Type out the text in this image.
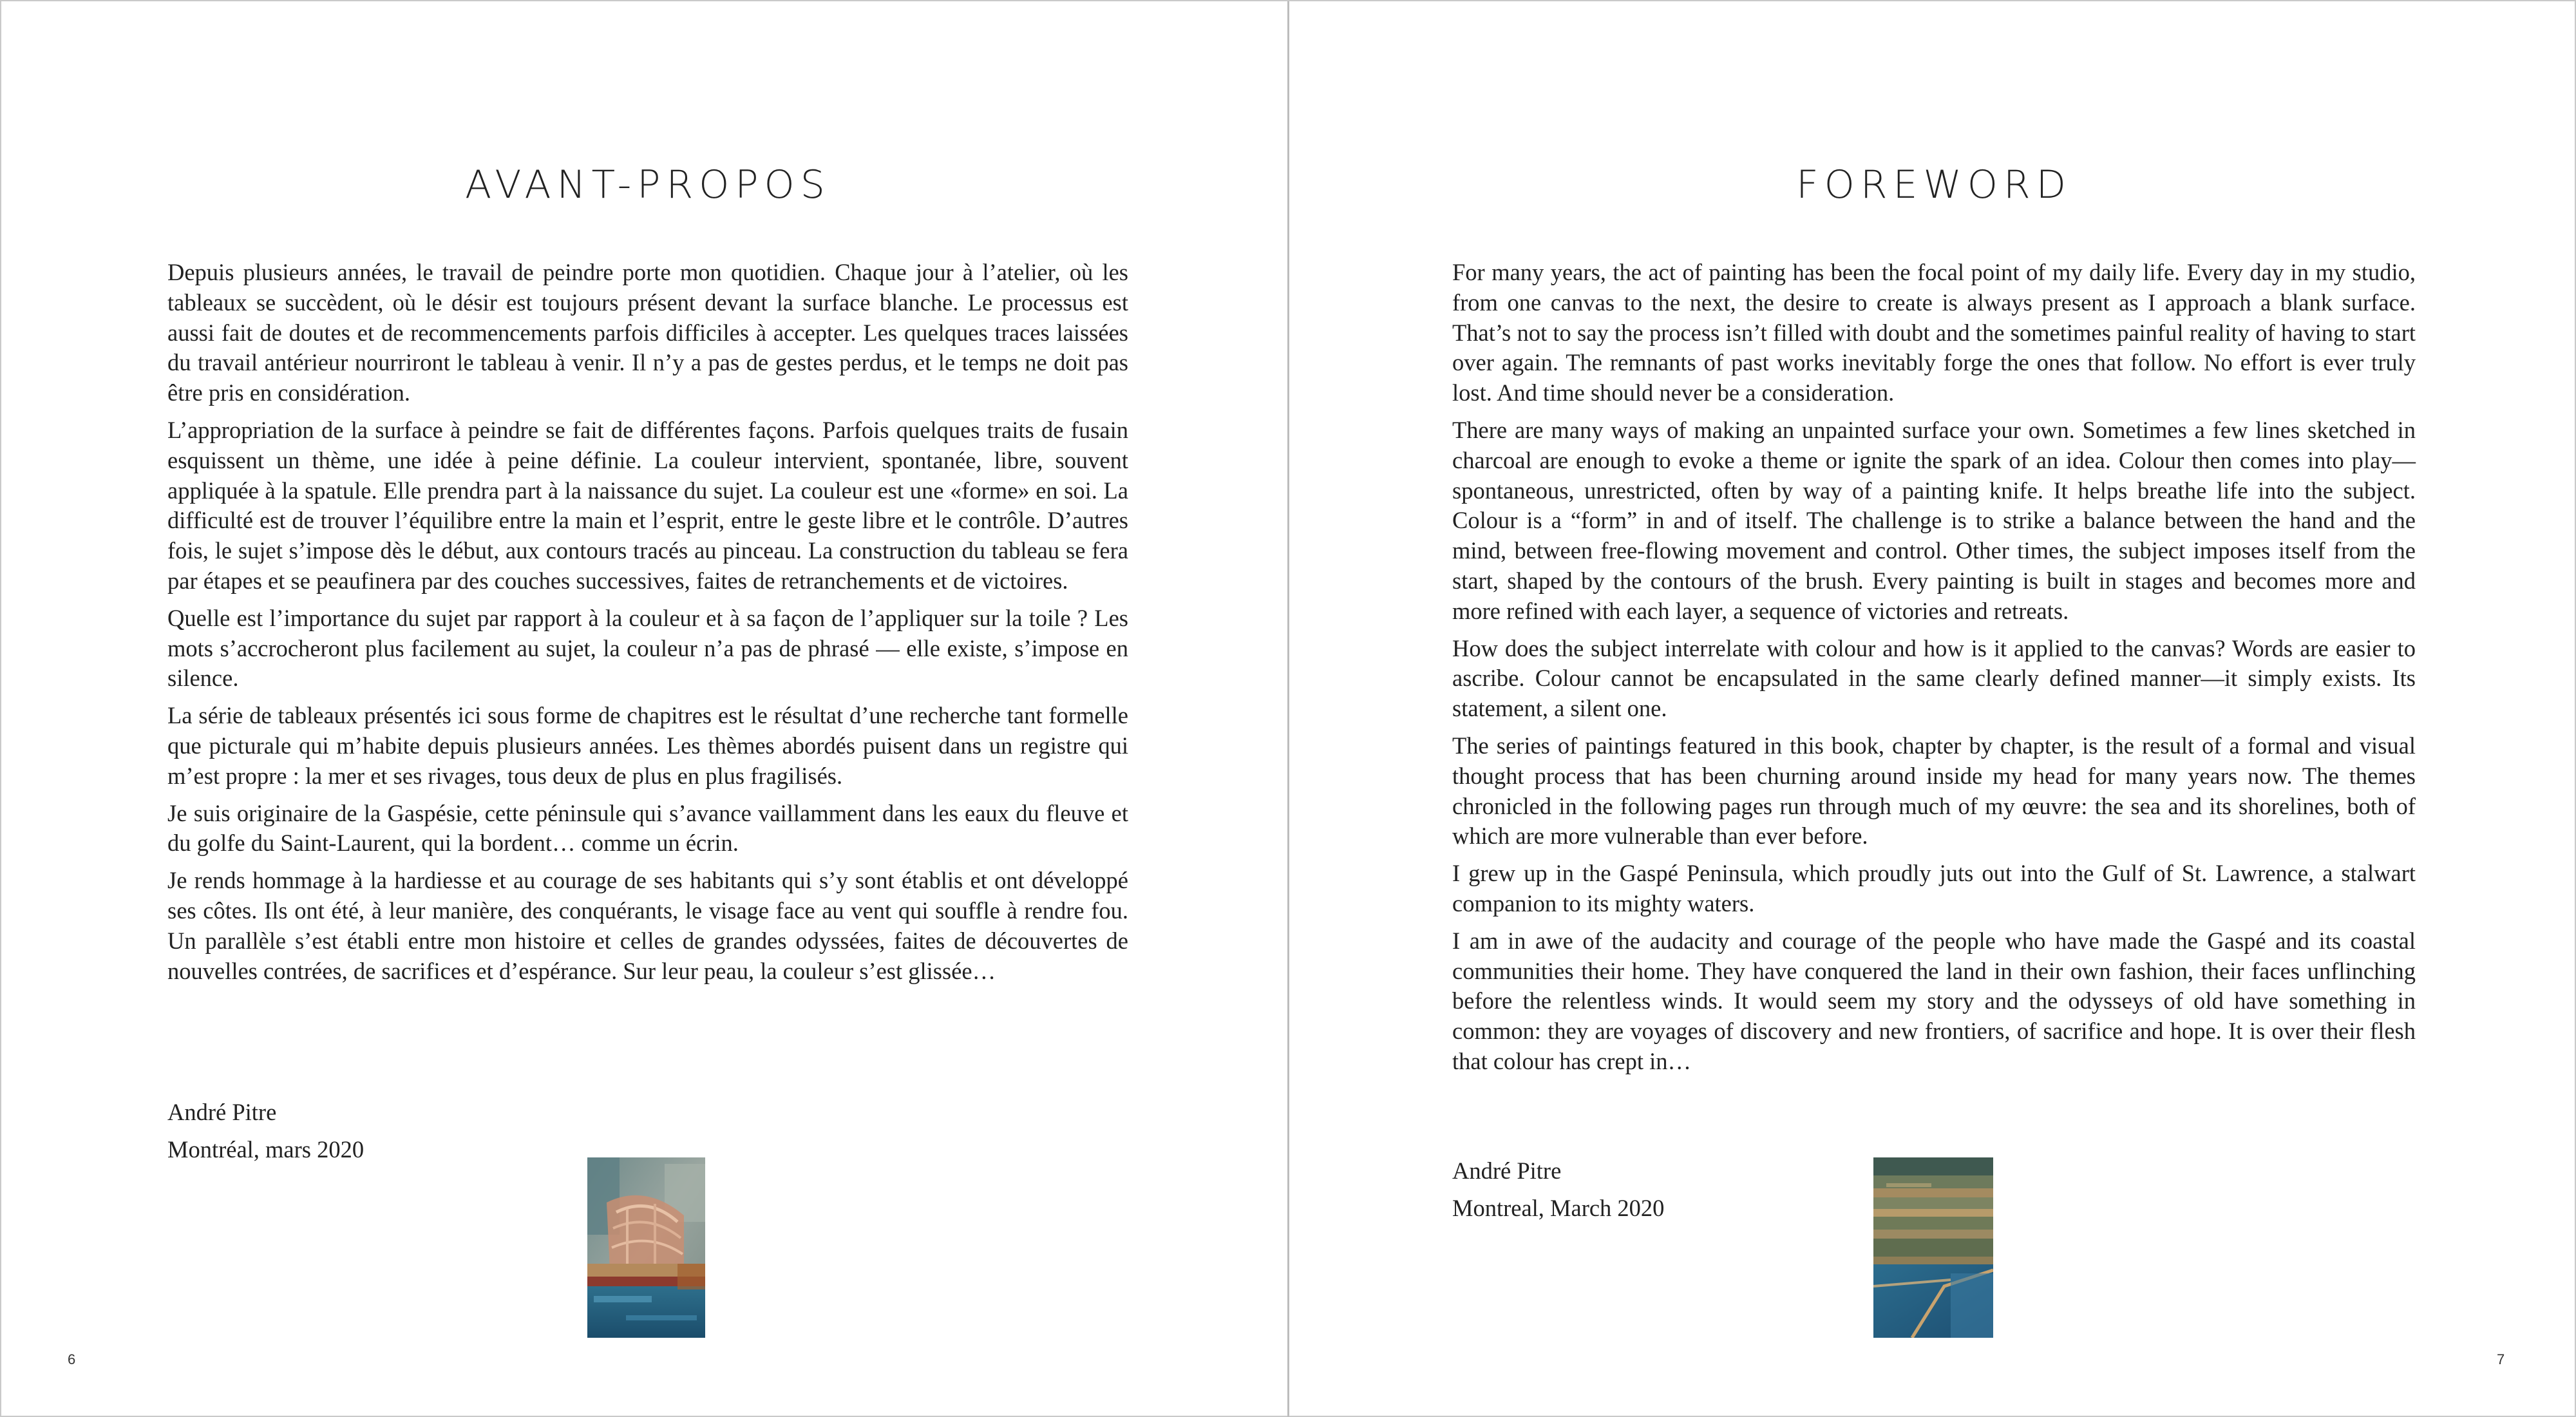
AVANT-PROPOS

Depuis plusieurs années, le travail de peindre porte mon quotidien. Chaque jour à l’atelier, où les tableaux se succèdent, où le désir est toujours présent devant la surface blanche. Le processus est aussi fait de doutes et de recommencements parfois difficiles à accepter. Les quelques traces laissées du travail antérieur nourriront le tableau à venir. Il n’y a pas de gestes perdus, et le temps ne doit pas être pris en considération.

L’appropriation de la surface à peindre se fait de différentes façons. Parfois quelques traits de fusain esquissent un thème, une idée à peine définie. La couleur intervient, spontanée, libre, souvent appliquée à la spatule. Elle prendra part à la naissance du sujet. La couleur est une «forme» en soi. La difficulté est de trouver l’équilibre entre la main et l’esprit, entre le geste libre et le contrôle. D’autres fois, le sujet s’impose dès le début, aux contours tracés au pinceau. La construction du tableau se fera par étapes et se peaufinera par des couches successives, faites de retranchements et de victoires.

Quelle est l’importance du sujet par rapport à la couleur et à sa façon de l’appliquer sur la toile ? Les mots s’accrocheront plus facilement au sujet, la couleur n’a pas de phrasé — elle existe, s’impose en silence.

La série de tableaux présentés ici sous forme de chapitres est le résultat d’une recherche tant formelle que picturale qui m’habite depuis plusieurs années. Les thèmes abordés puisent dans un registre qui m’est propre : la mer et ses rivages, tous deux de plus en plus fragilisés.

Je suis originaire de la Gaspésie, cette péninsule qui s’avance vaillamment dans les eaux du fleuve et du golfe du Saint-Laurent, qui la bordent… comme un écrin.

Je rends hommage à la hardiesse et au courage de ses habitants qui s’y sont établis et ont développé ses côtes. Ils ont été, à leur manière, des conquérants, le visage face au vent qui souffle à rendre fou. Un parallèle s’est établi entre mon histoire et celles de grandes odyssées, faites de découvertes de nouvelles contrées, de sacrifices et d’espérance. Sur leur peau, la couleur s’est glissée…

André Pitre
Montréal, mars 2020
6
FOREWORD

For many years, the act of painting has been the focal point of my daily life. Every day in my studio, from one canvas to the next, the desire to create is always present as I approach a blank surface. That’s not to say the process isn’t filled with doubt and the sometimes painful reality of having to start over again. The remnants of past works inevitably forge the ones that follow. No effort is ever truly lost. And time should never be a consideration.

There are many ways of making an unpainted surface your own. Sometimes a few lines sketched in charcoal are enough to evoke a theme or ignite the spark of an idea. Colour then comes into play—spontaneous, unrestricted, often by way of a painting knife. It helps breathe life into the subject. Colour is a “form” in and of itself. The challenge is to strike a balance between the hand and the mind, between free-flowing movement and control. Other times, the subject imposes itself from the start, shaped by the contours of the brush. Every painting is built in stages and becomes more and more refined with each layer, a sequence of victories and retreats.

How does the subject interrelate with colour and how is it applied to the canvas? Words are easier to ascribe. Colour cannot be encapsulated in the same clearly defined manner—it simply exists. Its statement, a silent one.

The series of paintings featured in this book, chapter by chapter, is the result of a formal and visual thought process that has been churning around inside my head for many years now. The themes chronicled in the following pages run through much of my œuvre: the sea and its shorelines, both of which are more vulnerable than ever before.

I grew up in the Gaspé Peninsula, which proudly juts out into the Gulf of St. Lawrence, a stalwart companion to its mighty waters.

I am in awe of the audacity and courage of the people who have made the Gaspé and its coastal communities their home. They have conquered the land in their own fashion, their faces unflinching before the relentless winds. It would seem my story and the odysseys of old have something in common: they are voyages of discovery and new frontiers, of sacrifice and hope. It is over their flesh that colour has crept in…

André Pitre
Montreal, March 2020
7
